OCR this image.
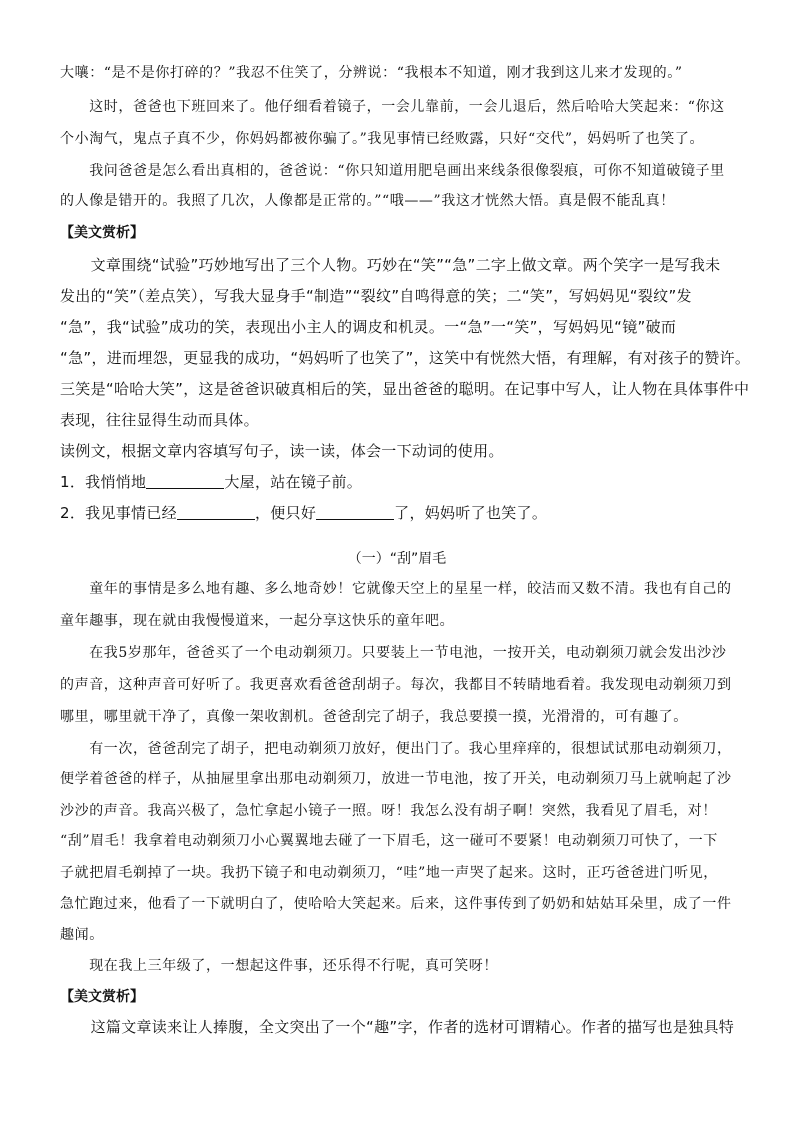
大嚷：“是不是你打碎的？”我忍不住笑了，分辨说：“我根本不知道，刚才我到这儿来才发现的。”
　　这时，爸爸也下班回来了。他仔细看着镜子，一会儿靠前，一会儿退后，然后哈哈大笑起来：“你这
个小淘气，鬼点子真不少，你妈妈都被你骗了。”我见事情已经败露，只好“交代”，妈妈听了也笑了。
　　我问爸爸是怎么看出真相的，爸爸说：“你只知道用肥皂画出来线条很像裂痕，可你不知道破镜子里
的人像是错开的。我照了几次，人像都是正常的。”“哦——”我这才恍然大悟。真是假不能乱真！
【美文赏析】
　　文章围绕“试验”巧妙地写出了三个人物。巧妙在“笑”“急”二字上做文章。两个笑字一是写我未
发出的“笑”（差点笑），写我大显身手“制造”“裂纹”自鸣得意的笑；二“笑”，写妈妈见“裂纹”发
“急”，我“试验”成功的笑，表现出小主人的调皮和机灵。一“急”一“笑”，写妈妈见“镜”破而
“急”，进而埋怨，更显我的成功，“妈妈听了也笑了”，这笑中有恍然大悟，有理解，有对孩子的赞许。
三笑是“哈哈大笑”，这是爸爸识破真相后的笑，显出爸爸的聪明。在记事中写人，让人物在具体事件中
表现，往往显得生动而具体。
读例文，根据文章内容填写句子，读一读，体会一下动词的使用。
1．我悄悄地	大屋，站在镜子前。
2．我见事情已经	，便只好	了，妈妈听了也笑了。
（一）“刮”眉毛
　　童年的事情是多么地有趣、多么地奇妙！它就像天空上的星星一样，皎洁而又数不清。我也有自己的
童年趣事，现在就由我慢慢道来，一起分享这快乐的童年吧。
　　在我5岁那年，爸爸买了一个电动剃须刀。只要装上一节电池，一按开关，电动剃须刀就会发出沙沙
的声音，这种声音可好听了。我更喜欢看爸爸刮胡子。每次，我都目不转睛地看着。我发现电动剃须刀到
哪里，哪里就干净了，真像一架收割机。爸爸刮完了胡子，我总要摸一摸，光滑滑的，可有趣了。
　　有一次，爸爸刮完了胡子，把电动剃须刀放好，便出门了。我心里痒痒的，很想试试那电动剃须刀，
便学着爸爸的样子，从抽屉里拿出那电动剃须刀，放进一节电池，按了开关，电动剃须刀马上就响起了沙
沙沙的声音。我高兴极了，急忙拿起小镜子一照。呀！我怎么没有胡子啊！突然，我看见了眉毛，对！
“刮”眉毛！我拿着电动剃须刀小心翼翼地去碰了一下眉毛，这一碰可不要紧！电动剃须刀可快了，一下
子就把眉毛剃掉了一块。我扔下镜子和电动剃须刀，“哇”地一声哭了起来。这时，正巧爸爸进门听见，
急忙跑过来，他看了一下就明白了，使哈哈大笑起来。后来，这件事传到了奶奶和姑姑耳朵里，成了一件
趣闻。
　　现在我上三年级了，一想起这件事，还乐得不行呢，真可笑呀！
【美文赏析】
　　这篇文章读来让人捧腹，全文突出了一个“趣”字，作者的选材可谓精心。作者的描写也是独具特
